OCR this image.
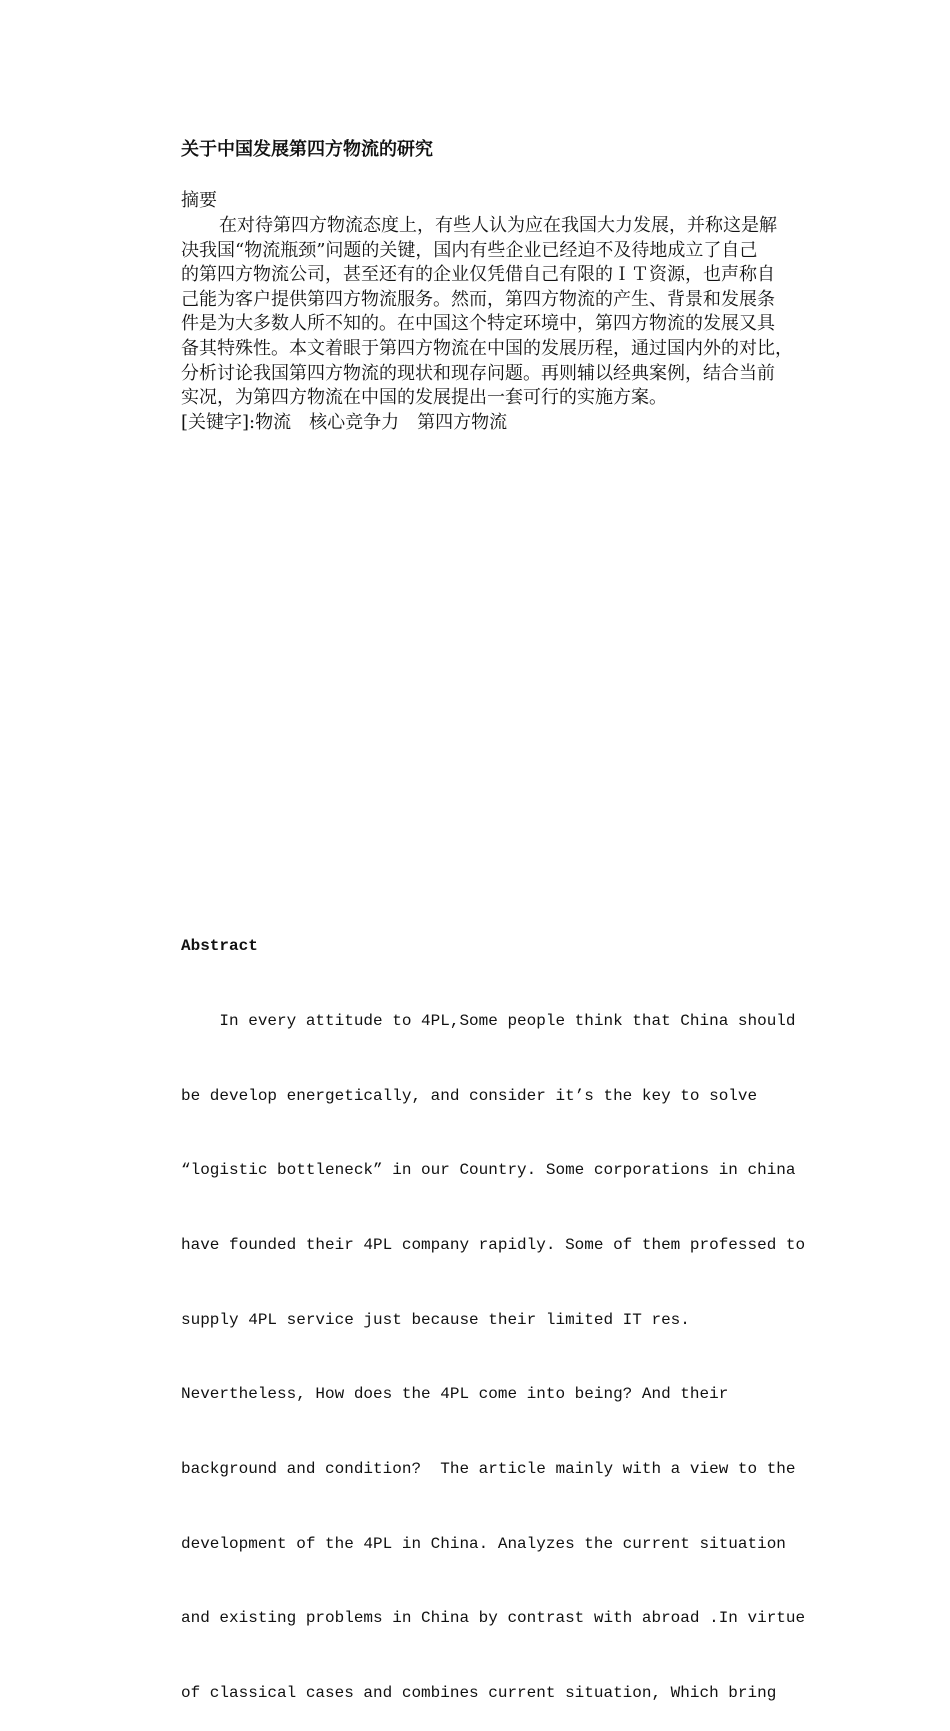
关于中国发展第四方物流的研究
摘要
在对待第四方物流态度上，有些人认为应在我国大力发展，并称这是解
决我国“物流瓶颈”问题的关键，国内有些企业已经迫不及待地成立了自己
的第四方物流公司，甚至还有的企业仅凭借自己有限的ＩＴ资源，也声称自
己能为客户提供第四方物流服务。然而，第四方物流的产生、背景和发展条
件是为大多数人所不知的。在中国这个特定环境中，第四方物流的发展又具
备其特殊性。本文着眼于第四方物流在中国的发展历程，通过国内外的对比，
分析讨论我国第四方物流的现状和现存问题。再则辅以经典案例，结合当前
实况，为第四方物流在中国的发展提出一套可行的实施方案。
[关键字]:物流 核心竞争力 第四方物流
Abstract

In every attitude to 4PL,Some people think that China should

be develop energetically, and consider it’s the key to solve

“logistic bottleneck” in our Country. Some corporations in china

have founded their 4PL company rapidly. Some of them professed to

supply 4PL service just because their limited IT res.

Nevertheless, How does the 4PL come into being? And their

background and condition?  The article mainly with a view to the

development of the 4PL in China. Analyzes the current situation

and existing problems in China by contrast with abroad .In virtue

of classical cases and combines current situation, Which bring
